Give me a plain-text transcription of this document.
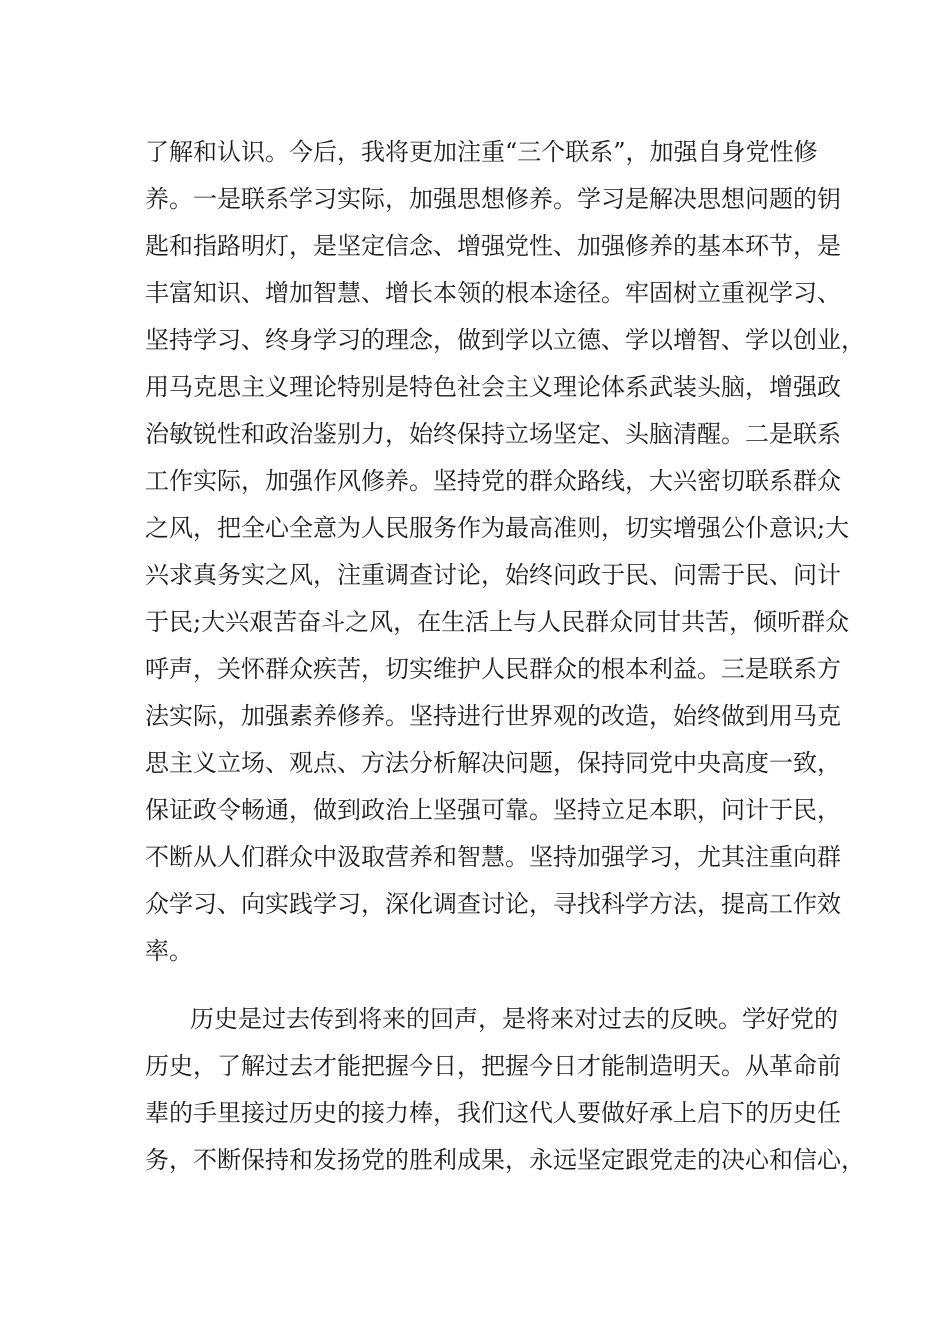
了解和认识。今后，我将更加注重“三个联系”，加强自身党性修
养。一是联系学习实际，加强思想修养。学习是解决思想问题的钥
匙和指路明灯，是坚定信念、增强党性、加强修养的基本环节，是
丰富知识、增加智慧、增长本领的根本途径。牢固树立重视学习、
坚持学习、终身学习的理念，做到学以立德、学以增智、学以创业，
用马克思主义理论特别是特色社会主义理论体系武装头脑，增强政
治敏锐性和政治鉴别力，始终保持立场坚定、头脑清醒。二是联系
工作实际，加强作风修养。坚持党的群众路线，大兴密切联系群众
之风，把全心全意为人民服务作为最高准则，切实增强公仆意识;大
兴求真务实之风，注重调查讨论，始终问政于民、问需于民、问计
于民;大兴艰苦奋斗之风，在生活上与人民群众同甘共苦，倾听群众
呼声，关怀群众疾苦，切实维护人民群众的根本利益。三是联系方
法实际，加强素养修养。坚持进行世界观的改造，始终做到用马克
思主义立场、观点、方法分析解决问题，保持同党中央高度一致，
保证政令畅通，做到政治上坚强可靠。坚持立足本职，问计于民，
不断从人们群众中汲取营养和智慧。坚持加强学习，尤其注重向群
众学习、向实践学习，深化调查讨论，寻找科学方法，提高工作效
率。
历史是过去传到将来的回声，是将来对过去的反映。学好党的
历史，了解过去才能把握今日，把握今日才能制造明天。从革命前
辈的手里接过历史的接力棒，我们这代人要做好承上启下的历史任
务，不断保持和发扬党的胜利成果，永远坚定跟党走的决心和信心，
